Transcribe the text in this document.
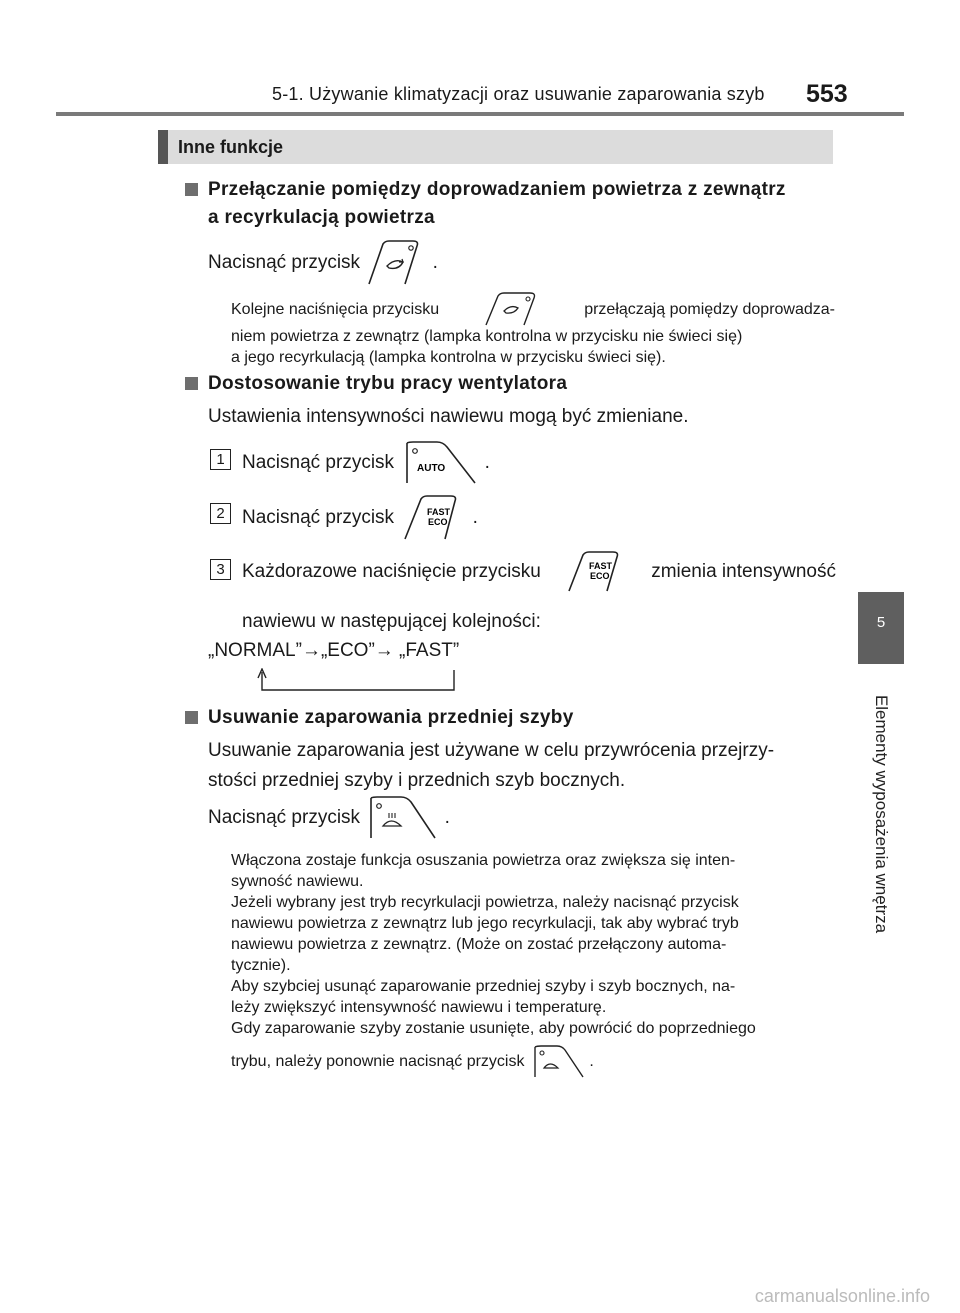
5-1. Używanie klimatyzacji oraz usuwanie zaparowania szyb 553
5
Elementy wyposażenia wnętrza
Inne funkcje
Przełączanie pomiędzy doprowadzaniem powietrza z zewnątrz
a recyrkulacją powietrza
Nacisnąć przycisk	.
Kolejne naciśnięcia przycisku	przełączają pomiędzy doprowadza-
niem powietrza z zewnątrz (lampka kontrolna w przycisku nie świeci się)
a jego recyrkulacją (lampka kontrolna w przycisku świeci się).
Dostosowanie trybu pracy wentylatora
Ustawienia intensywności nawiewu mogą być zmieniane.
1 Nacisnąć przycisk AUTO .
2 Nacisnąć przycisk	FAST
ECO .
3 Każdorazowe naciśnięcie przycisku	FAST
ECO zmienia intensywność
nawiewu w następującej kolejności:
„NORMAL”→„ECO”→ „FAST”
Usuwanie zaparowania przedniej szyby
Usuwanie zaparowania jest używane w celu przywrócenia przejrzy-
stości przedniej szyby i przednich szyb bocznych.
Nacisnąć przycisk	.
Włączona zostaje funkcja osuszania powietrza oraz zwiększa się inten-
sywność nawiewu.
Jeżeli wybrany jest tryb recyrkulacji powietrza, należy nacisnąć przycisk
nawiewu powietrza z zewnątrz lub jego recyrkulacji, tak aby wybrać tryb
nawiewu powietrza z zewnątrz. (Może on zostać przełączony automa-
tycznie).
Aby szybciej usunąć zaparowanie przedniej szyby i szyb bocznych, na-
leży zwiększyć intensywność nawiewu i temperaturę.
Gdy zaparowanie szyby zostanie usunięte, aby powrócić do poprzedniego
trybu, należy ponownie nacisnąć przycisk	.
carmanualsonline.info
